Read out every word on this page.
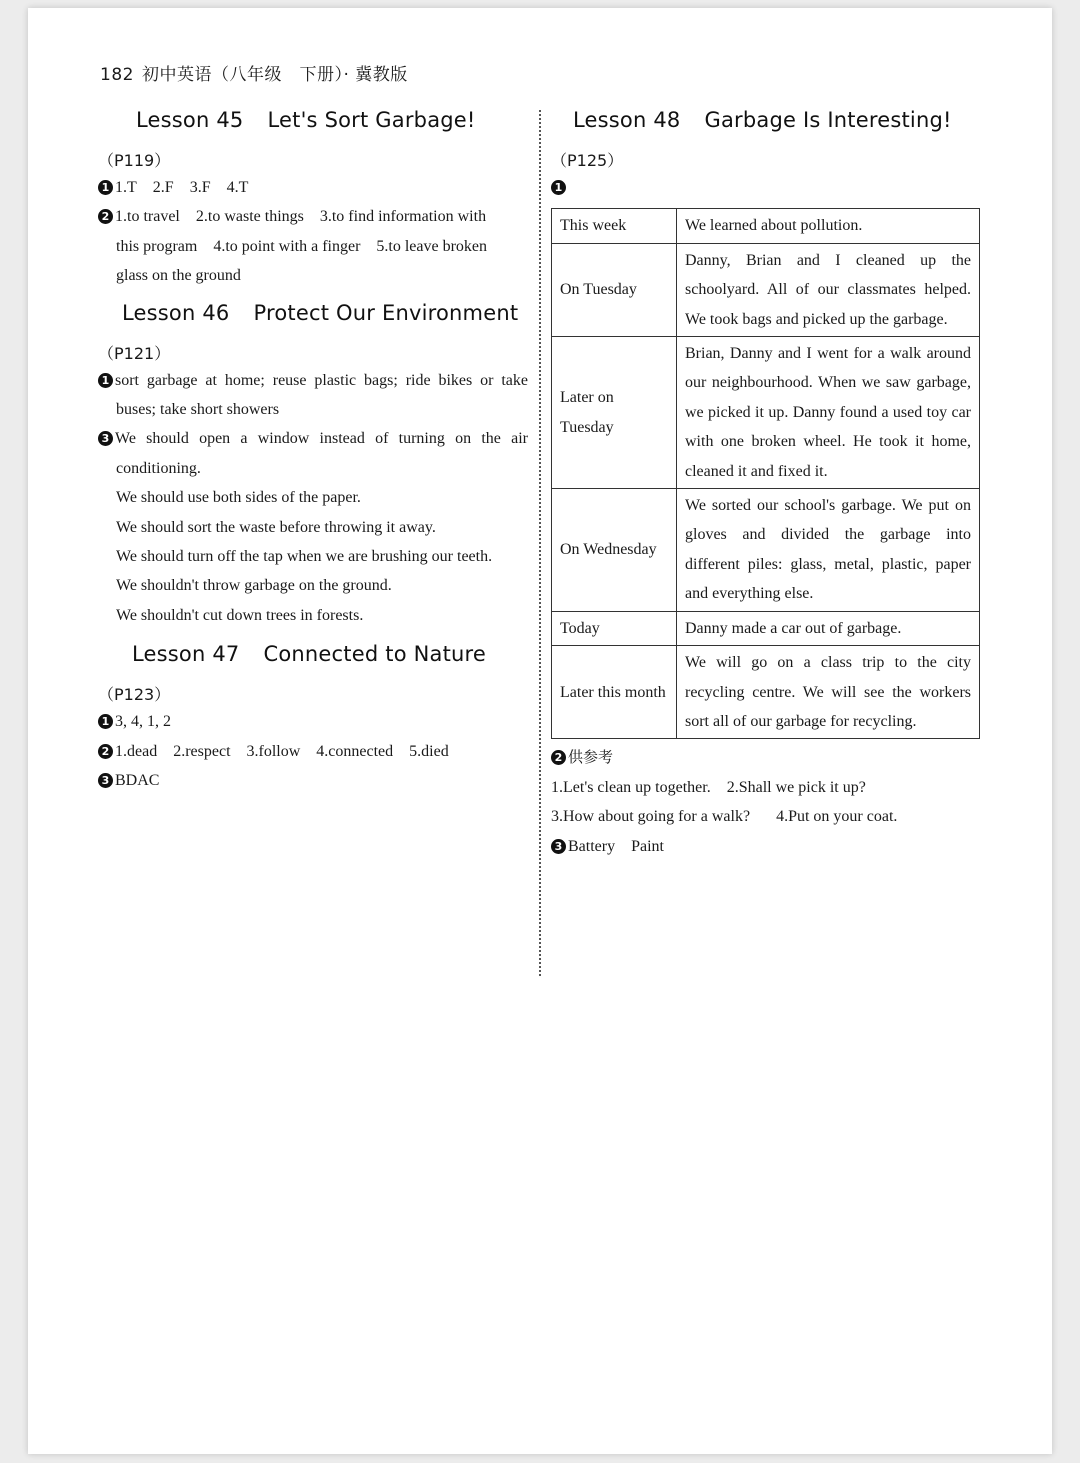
182 初中英语（八年级　下册）· 冀教版
Lesson 45 Let's Sort Garbage!

（P119）

1 1.T 2.F 3.F 4.T

2 1.to travel　2.to waste things　3.to find information with

this program　4.to point with a finger　5.to leave broken

glass on the ground

Lesson 46 Protect Our Environment

（P121）

1 sort garbage at home; reuse plastic bags; ride bikes or take buses; take short showers

3 We should open a window instead of turning on the air conditioning.

We should use both sides of the paper.

We should sort the waste before throwing it away.

We should turn off the tap when we are brushing our teeth.

We shouldn't throw garbage on the ground.

We shouldn't cut down trees in forests.

Lesson 47 Connected to Nature

（P123）

1 3, 4, 1, 2

2 1.dead 2.respect 3.follow 4.connected 5.died

3 BDAC

Lesson 48 Garbage Is Interesting!

（P125）

1

This week	We learned about pollution.
On Tuesday	Danny, Brian and I cleaned up the schoolyard. All of our classmates helped. We took bags and picked up the garbage.
Later on Tuesday	Brian, Danny and I went for a walk around our neighbourhood. When we saw garbage, we picked it up. Danny found a used toy car with one broken wheel. He took it home, cleaned it and fixed it.
On Wednesday	We sorted our school's garbage. We put on gloves and divided the garbage into different piles: glass, metal, plastic, paper and everything else.
Today	Danny made a car out of garbage.
Later this month	We will go on a class trip to the city recycling centre. We will see the workers sort all of our garbage for recycling.

2 供参考

1.Let's clean up together. 2.Shall we pick it up?

3.How about going for a walk? 4.Put on your coat.

3 Battery Paint
